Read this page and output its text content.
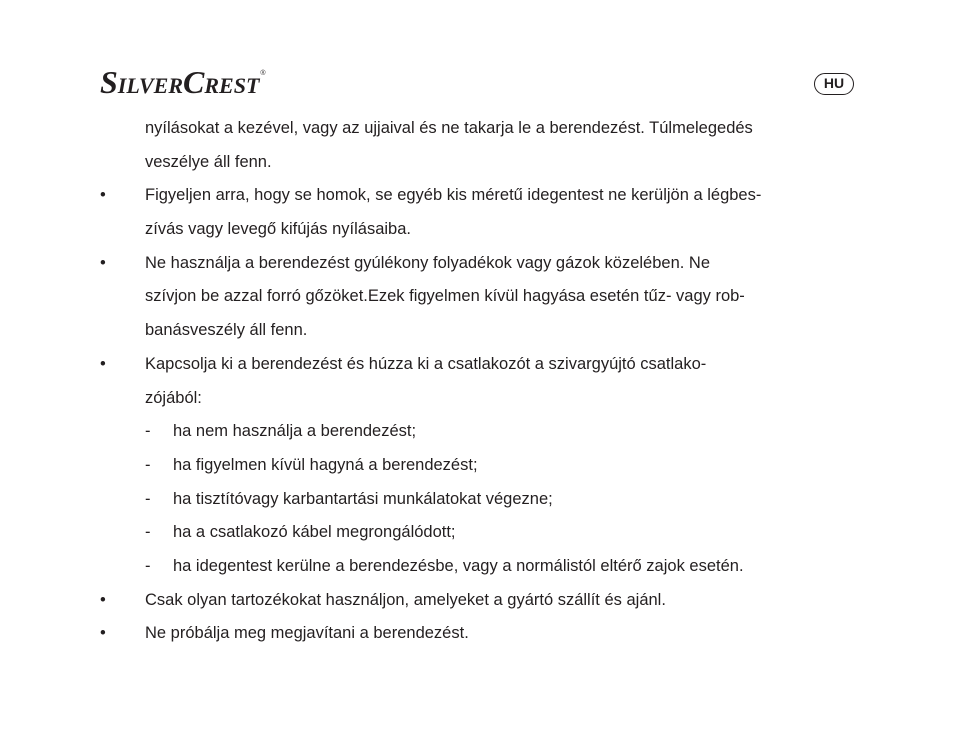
SILVERCREST®
HU
nyílásokat a kezével, vagy az ujjaival és ne takarja le a berendezést. Túlmelegedés
veszélye áll fenn.
• Figyeljen arra, hogy se homok, se egyéb kis méretű idegentest ne kerüljön a légbes-
zívás vagy levegő kifújás nyílásaiba.
• Ne használja a berendezést gyúlékony folyadékok vagy gázok közelében. Ne
szívjon be azzal forró gőzöket.Ezek figyelmen kívül hagyása esetén tűz- vagy rob-
banásveszély áll fenn.
• Kapcsolja ki a berendezést és húzza ki a csatlakozót a szivargyújtó csatlako-
zójából:
- ha nem használja a berendezést;
- ha figyelmen kívül hagyná a berendezést;
- ha tisztítóvagy karbantartási munkálatokat végezne;
- ha a csatlakozó kábel megrongálódott;
- ha idegentest kerülne a berendezésbe, vagy a normálistól eltérő zajok esetén.
• Csak olyan tartozékokat használjon, amelyeket a gyártó szállít és ajánl.
• Ne próbálja meg megjavítani a berendezést.
